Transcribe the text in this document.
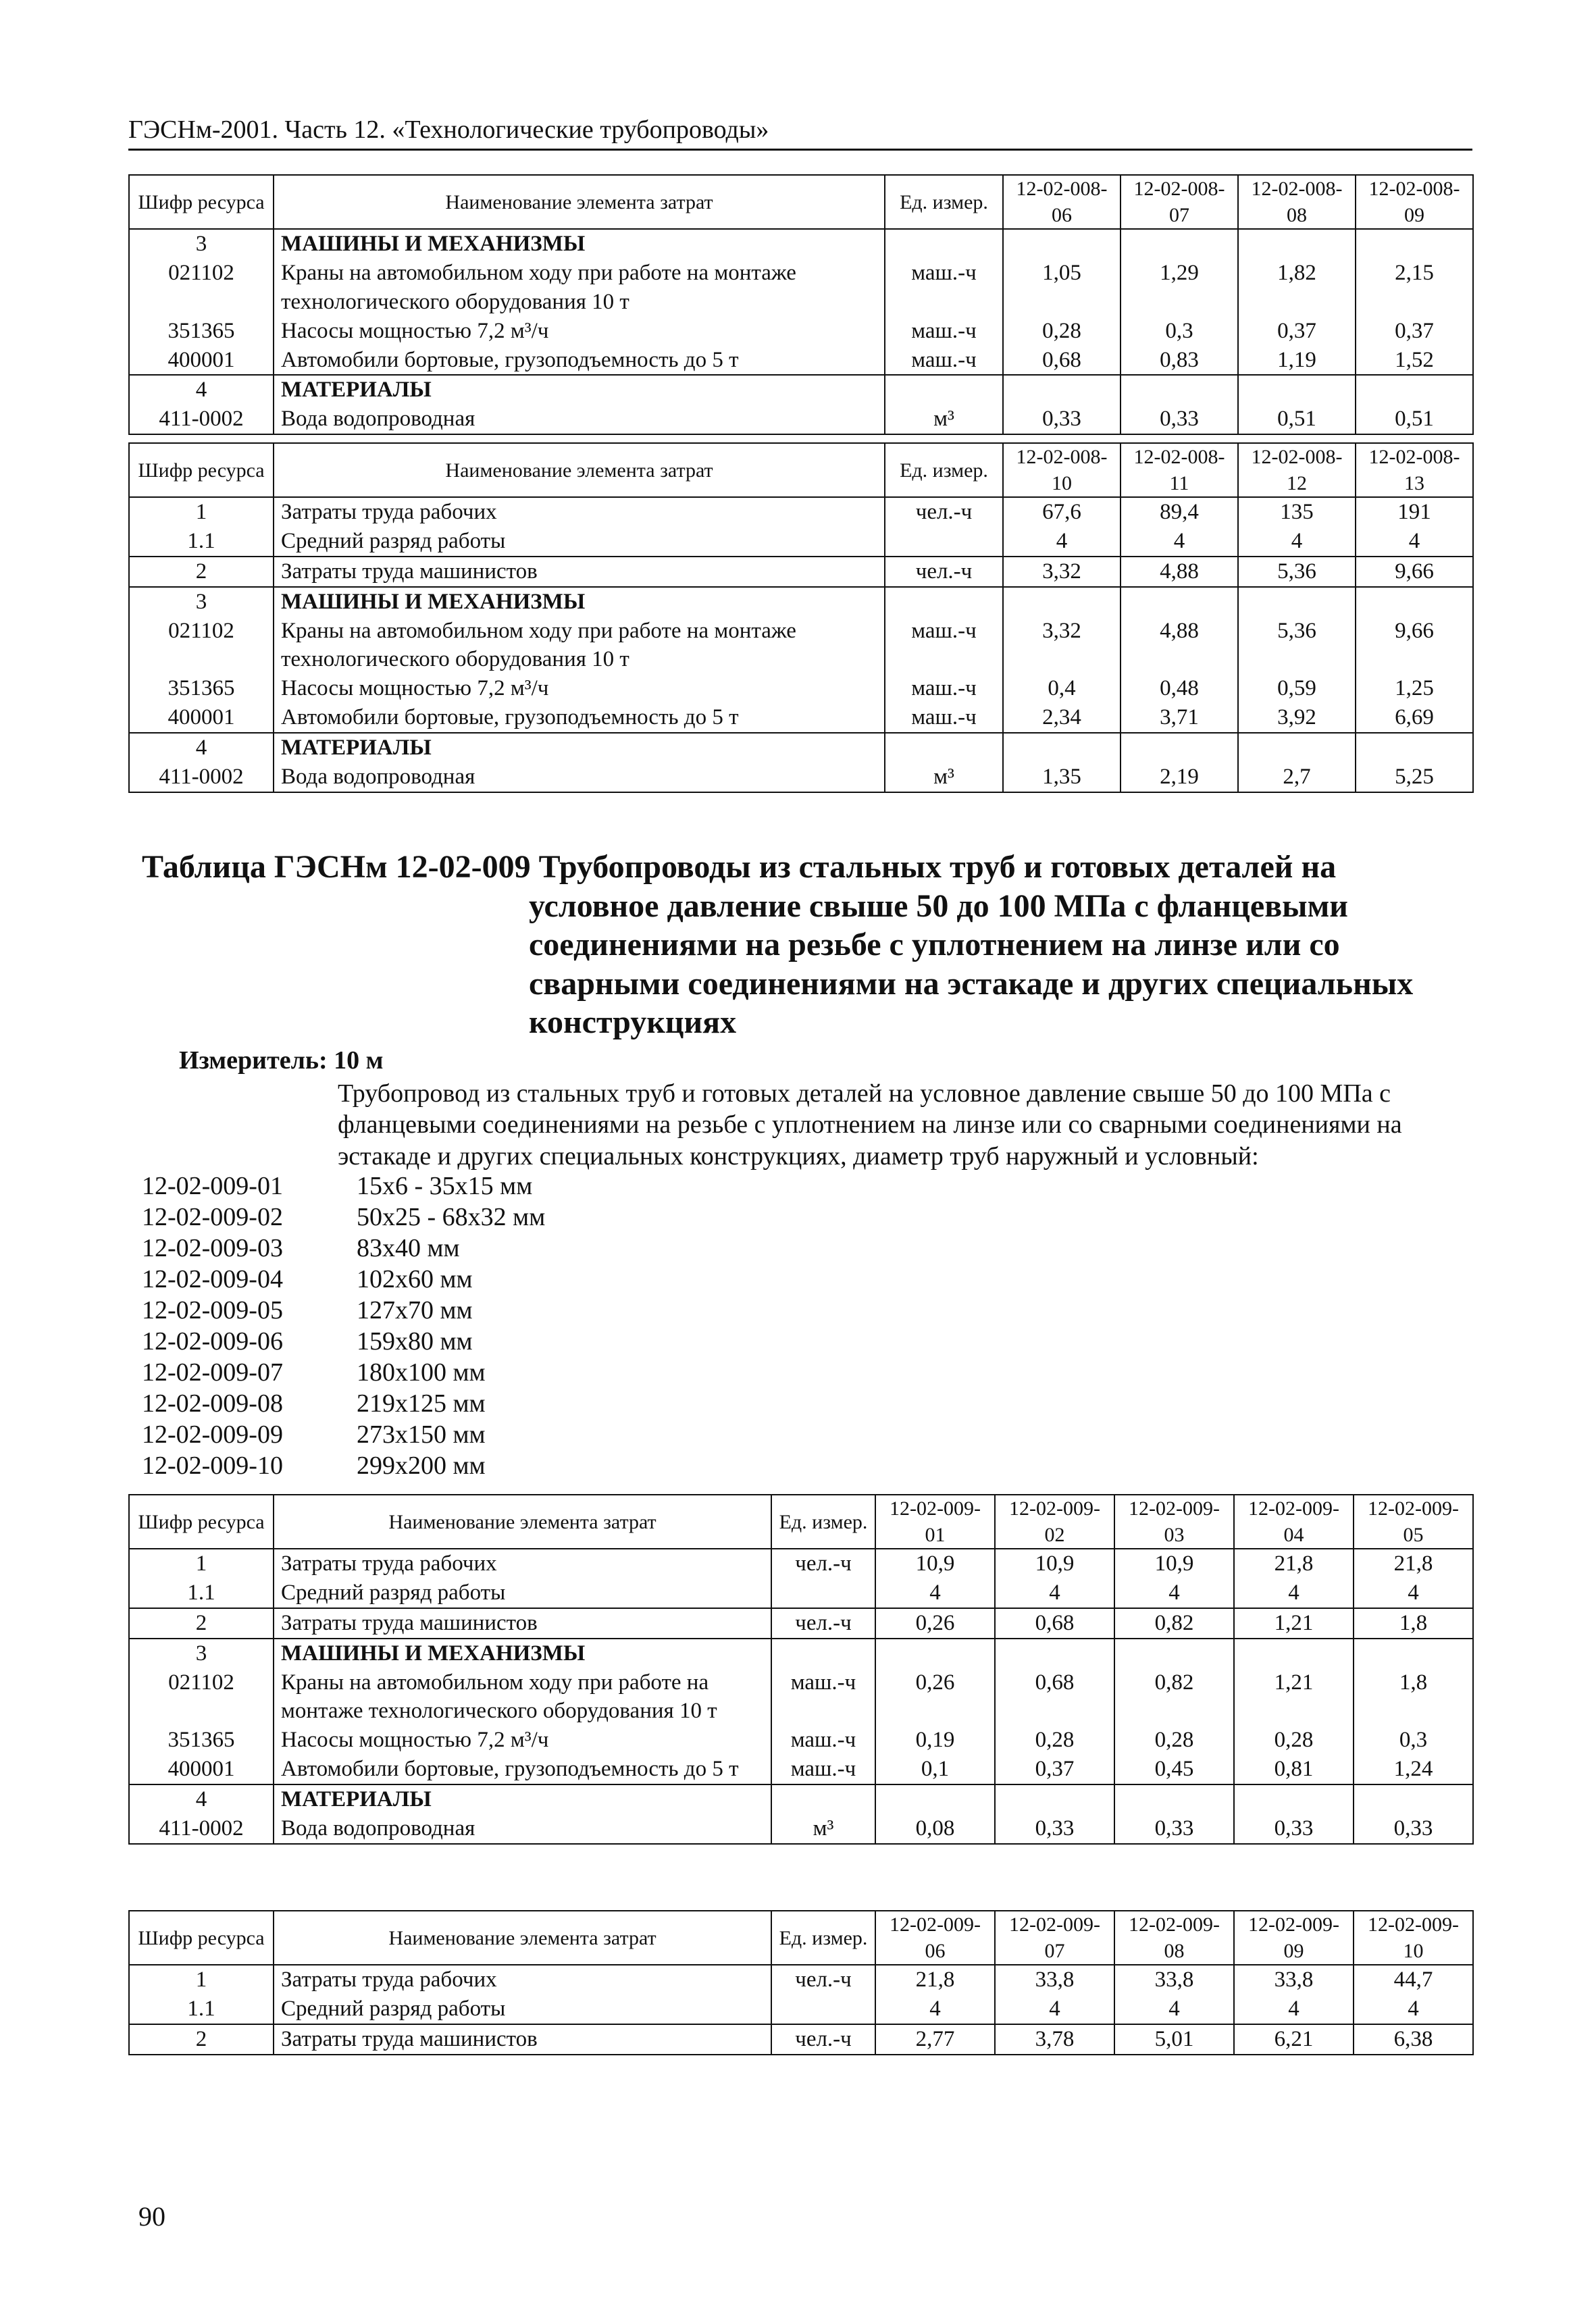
ГЭСНм-2001. Часть 12. «Технологические трубопроводы»
Шифр ресурса	Наименование элемента затрат	Ед. измер.	12-02-008-06	12-02-008-07	12-02-008-08	12-02-008-09
3	МАШИНЫ И МЕХАНИЗМЫ					
021102	Краны на автомобильном ходу при работе на монтаже технологического оборудования 10 т	маш.-ч	1,05	1,29	1,82	2,15
351365	Насосы мощностью 7,2 м³/ч	маш.-ч	0,28	0,3	0,37	0,37
400001	Автомобили бортовые, грузоподъемность до 5 т	маш.-ч	0,68	0,83	1,19	1,52
4	МАТЕРИАЛЫ					
411-0002	Вода водопроводная	м³	0,33	0,33	0,51	0,51
Шифр ресурса	Наименование элемента затрат	Ед. измер.	12-02-008-10	12-02-008-11	12-02-008-12	12-02-008-13
1	Затраты труда рабочих	чел.-ч	67,6	89,4	135	191
1.1	Средний разряд работы		4	4	4	4
2	Затраты труда машинистов	чел.-ч	3,32	4,88	5,36	9,66
3	МАШИНЫ И МЕХАНИЗМЫ					
021102	Краны на автомобильном ходу при работе на монтаже технологического оборудования 10 т	маш.-ч	3,32	4,88	5,36	9,66
351365	Насосы мощностью 7,2 м³/ч	маш.-ч	0,4	0,48	0,59	1,25
400001	Автомобили бортовые, грузоподъемность до 5 т	маш.-ч	2,34	3,71	3,92	6,69
4	МАТЕРИАЛЫ					
411-0002	Вода водопроводная	м³	1,35	2,19	2,7	5,25
Таблица ГЭСНм 12-02-009 Трубопроводы из стальных труб и готовых деталей на
условное давление свыше 50 до 100 МПа с фланцевыми
соединениями на резьбе с уплотнением на линзе или со
сварными соединениями на эстакаде и других специальных
конструкциях
Измеритель: 10 м
Трубопровод из стальных труб и готовых деталей на условное давление свыше 50 до 100 МПа с фланцевыми соединениями на резьбе с уплотнением на линзе или со сварными соединениями на эстакаде и других специальных конструкциях, диаметр труб наружный и условный:
12-02-009-01	15х6 - 35х15 мм
12-02-009-02	50х25 - 68х32 мм
12-02-009-03	83х40 мм
12-02-009-04	102х60 мм
12-02-009-05	127х70 мм
12-02-009-06	159х80 мм
12-02-009-07	180х100 мм
12-02-009-08	219х125 мм
12-02-009-09	273х150 мм
12-02-009-10	299х200 мм
Шифр ресурса	Наименование элемента затрат	Ед. измер.	12-02-009-01	12-02-009-02	12-02-009-03	12-02-009-04	12-02-009-05
1	Затраты труда рабочих	чел.-ч	10,9	10,9	10,9	21,8	21,8
1.1	Средний разряд работы		4	4	4	4	4
2	Затраты труда машинистов	чел.-ч	0,26	0,68	0,82	1,21	1,8
3	МАШИНЫ И МЕХАНИЗМЫ						
021102	Краны на автомобильном ходу при работе на монтаже технологического оборудования 10 т	маш.-ч	0,26	0,68	0,82	1,21	1,8
351365	Насосы мощностью 7,2 м³/ч	маш.-ч	0,19	0,28	0,28	0,28	0,3
400001	Автомобили бортовые, грузоподъемность до 5 т	маш.-ч	0,1	0,37	0,45	0,81	1,24
4	МАТЕРИАЛЫ						
411-0002	Вода водопроводная	м³	0,08	0,33	0,33	0,33	0,33
Шифр ресурса	Наименование элемента затрат	Ед. измер.	12-02-009-06	12-02-009-07	12-02-009-08	12-02-009-09	12-02-009-10
1	Затраты труда рабочих	чел.-ч	21,8	33,8	33,8	33,8	44,7
1.1	Средний разряд работы		4	4	4	4	4
2	Затраты труда машинистов	чел.-ч	2,77	3,78	5,01	6,21	6,38
90
